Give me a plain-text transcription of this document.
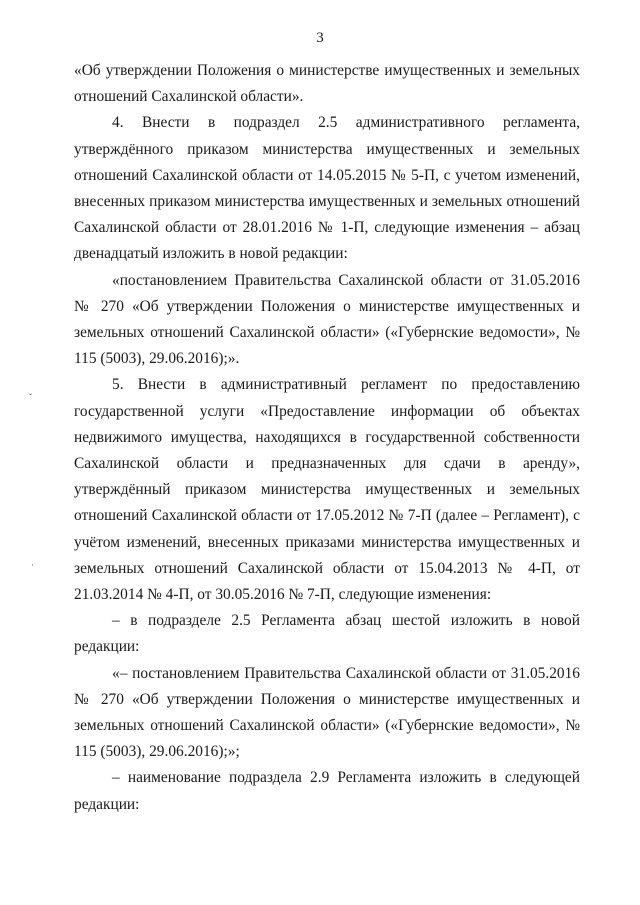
3
ˇ
·

«Об утверждении Положения о министерстве имущественных и земельных отношений Сахалинской области».

4. Внести в подраздел 2.5 административного регламента, утверждённого приказом министерства имущественных и земельных отношений Сахалинской области от 14.05.2015 № 5-П, с учетом изменений, внесенных приказом министерства имущественных и земельных отношений Сахалинской области от 28.01.2016 № 1-П, следующие изменения – абзац двенадцатый изложить в новой редакции:

«постановлением Правительства Сахалинской области от 31.05.2016 № 270 «Об утверждении Положения о министерстве имущественных и земельных отношений Сахалинской области» («Губернские ведомости», № 115 (5003), 29.06.2016);».

5. Внести в административный регламент по предоставлению государственной услуги «Предоставление информации об объектах недвижимого имущества, находящихся в государственной собственности Сахалинской области и предназначенных для сдачи в аренду», утверждённый приказом министерства имущественных и земельных отношений Сахалинской области от 17.05.2012 № 7-П (далее – Регламент), с учётом изменений, внесенных приказами министерства имущественных и земельных отношений Сахалинской области от 15.04.2013 № 4-П, от 21.03.2014 № 4-П, от 30.05.2016 № 7-П, следующие изменения:

– в подразделе 2.5 Регламента абзац шестой изложить в новой редакции:

«– постановлением Правительства Сахалинской области от 31.05.2016 № 270 «Об утверждении Положения о министерстве имущественных и земельных отношений Сахалинской области» («Губернские ведомости», № 115 (5003), 29.06.2016);»;

– наименование подраздела 2.9 Регламента изложить в следующей редакции:
